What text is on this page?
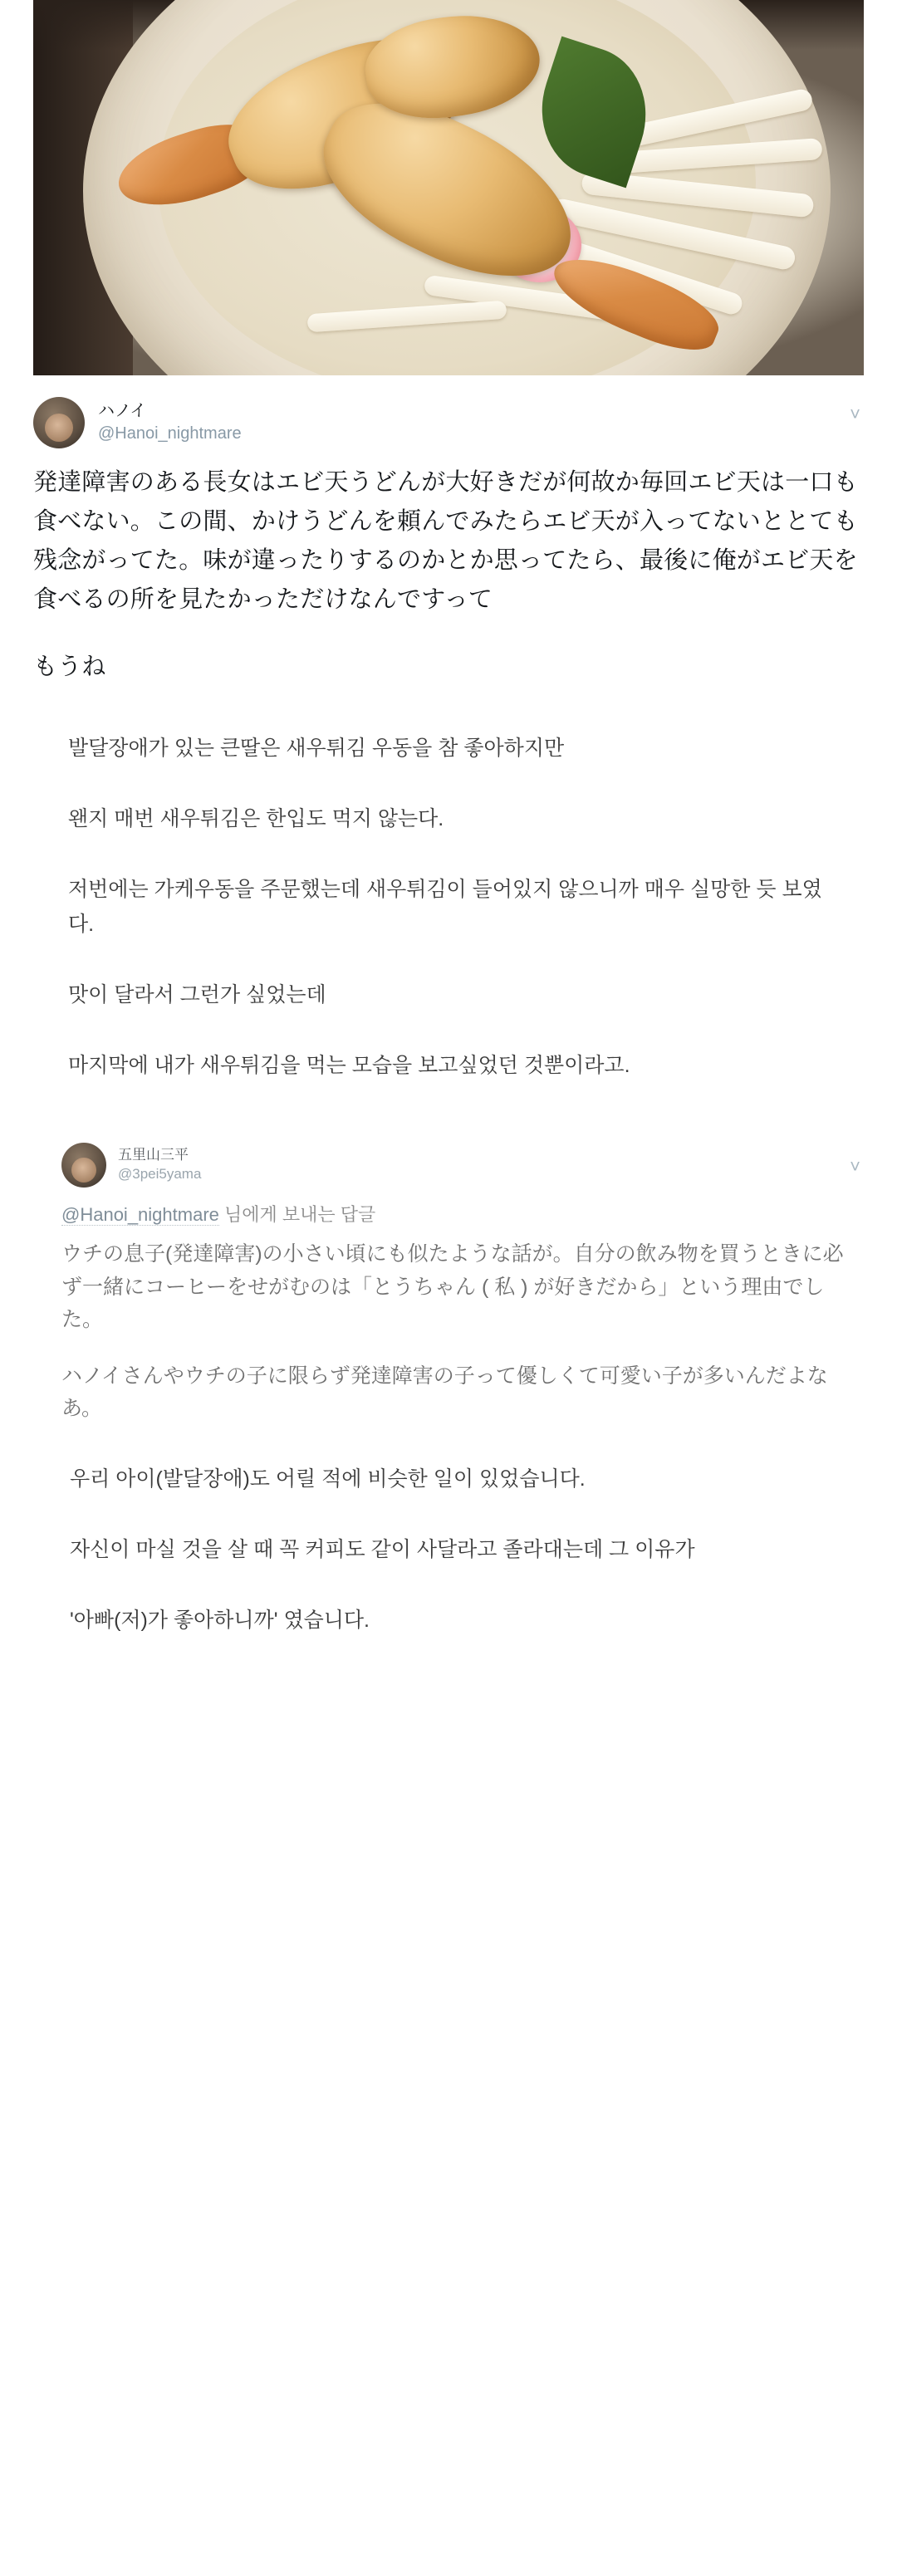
ハノイ
@Hanoi_nightmare
˅

発達障害のある長女はエビ天うどんが大好きだが何故か毎回エビ天は一口も食べない。この間、かけうどんを頼んでみたらエビ天が入ってないととても残念がってた。味が違ったりするのかとか思ってたら、最後に俺がエビ天を食べるの所を見たかっただけなんですって

もうね

발달장애가 있는 큰딸은 새우튀김 우동을 참 좋아하지만

왠지 매번 새우튀김은 한입도 먹지 않는다.

저번에는 가케우동을 주문했는데 새우튀김이 들어있지 않으니까 매우 실망한 듯 보였다.

맛이 달라서 그런가 싶었는데

마지막에 내가 새우튀김을 먹는 모습을 보고싶었던 것뿐이라고.

五里山三平
@3pei5yama	˅
@Hanoi_nightmare 님에게 보내는 답글

ウチの息子(発達障害)の小さい頃にも似たような話が。自分の飲み物を買うときに必ず一緒にコーヒーをせがむのは「とうちゃん ( 私 ) が好きだから」という理由でした。

ハノイさんやウチの子に限らず発達障害の子って優しくて可愛い子が多いんだよなあ。

우리 아이(발달장애)도 어릴 적에 비슷한 일이 있었습니다.

자신이 마실 것을 살 때 꼭 커피도 같이 사달라고 졸라대는데 그 이유가

'아빠(저)가 좋아하니까' 였습니다.
